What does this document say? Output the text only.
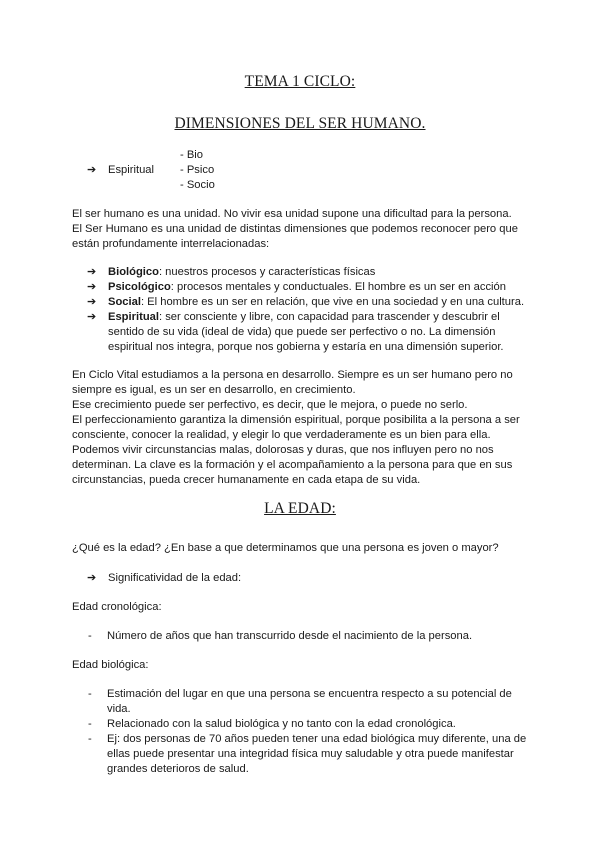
TEMA 1 CICLO:
DIMENSIONES DEL SER HUMANO.
➔ Espiritual
- Bio
- Psico
- Socio

El ser humano es una unidad. No vivir esa unidad supone una dificultad para la persona.

El Ser Humano es una unidad de distintas dimensiones que podemos reconocer pero que

están profundamente interrelacionadas:

➔ Biológico: nuestros procesos y características físicas
➔ Psicológico: procesos mentales y conductuales. El hombre es un ser en acción
➔ Social: El hombre es un ser en relación, que vive en una sociedad y en una cultura.
➔ Espiritual: ser consciente y libre, con capacidad para trascender y descubrir el sentido de su vida (ideal de vida) que puede ser perfectivo o no. La dimensión espiritual nos integra, porque nos gobierna y estaría en una dimensión superior.

En Ciclo Vital estudiamos a la persona en desarrollo. Siempre es un ser humano pero no

siempre es igual, es un ser en desarrollo, en crecimiento.

Ese crecimiento puede ser perfectivo, es decir, que le mejora, o puede no serlo.

El perfeccionamiento garantiza la dimensión espiritual, porque posibilita a la persona a ser

consciente, conocer la realidad, y elegir lo que verdaderamente es un bien para ella.

Podemos vivir circunstancias malas, dolorosas y duras, que nos influyen pero no nos

determinan. La clave es la formación y el acompañamiento a la persona para que en sus

circunstancias, pueda crecer humanamente en cada etapa de su vida.

LA EDAD:
¿Qué es la edad? ¿En base a que determinamos que una persona es joven o mayor?
➔ Significatividad de la edad:
Edad cronológica:
- Número de años que han transcurrido desde el nacimiento de la persona.
Edad biológica:
- Estimación del lugar en que una persona se encuentra respecto a su potencial de vida.
- Relacionado con la salud biológica y no tanto con la edad cronológica.
- Ej: dos personas de 70 años pueden tener una edad biológica muy diferente, una de ellas puede presentar una integridad física muy saludable y otra puede manifestar grandes deterioros de salud.
